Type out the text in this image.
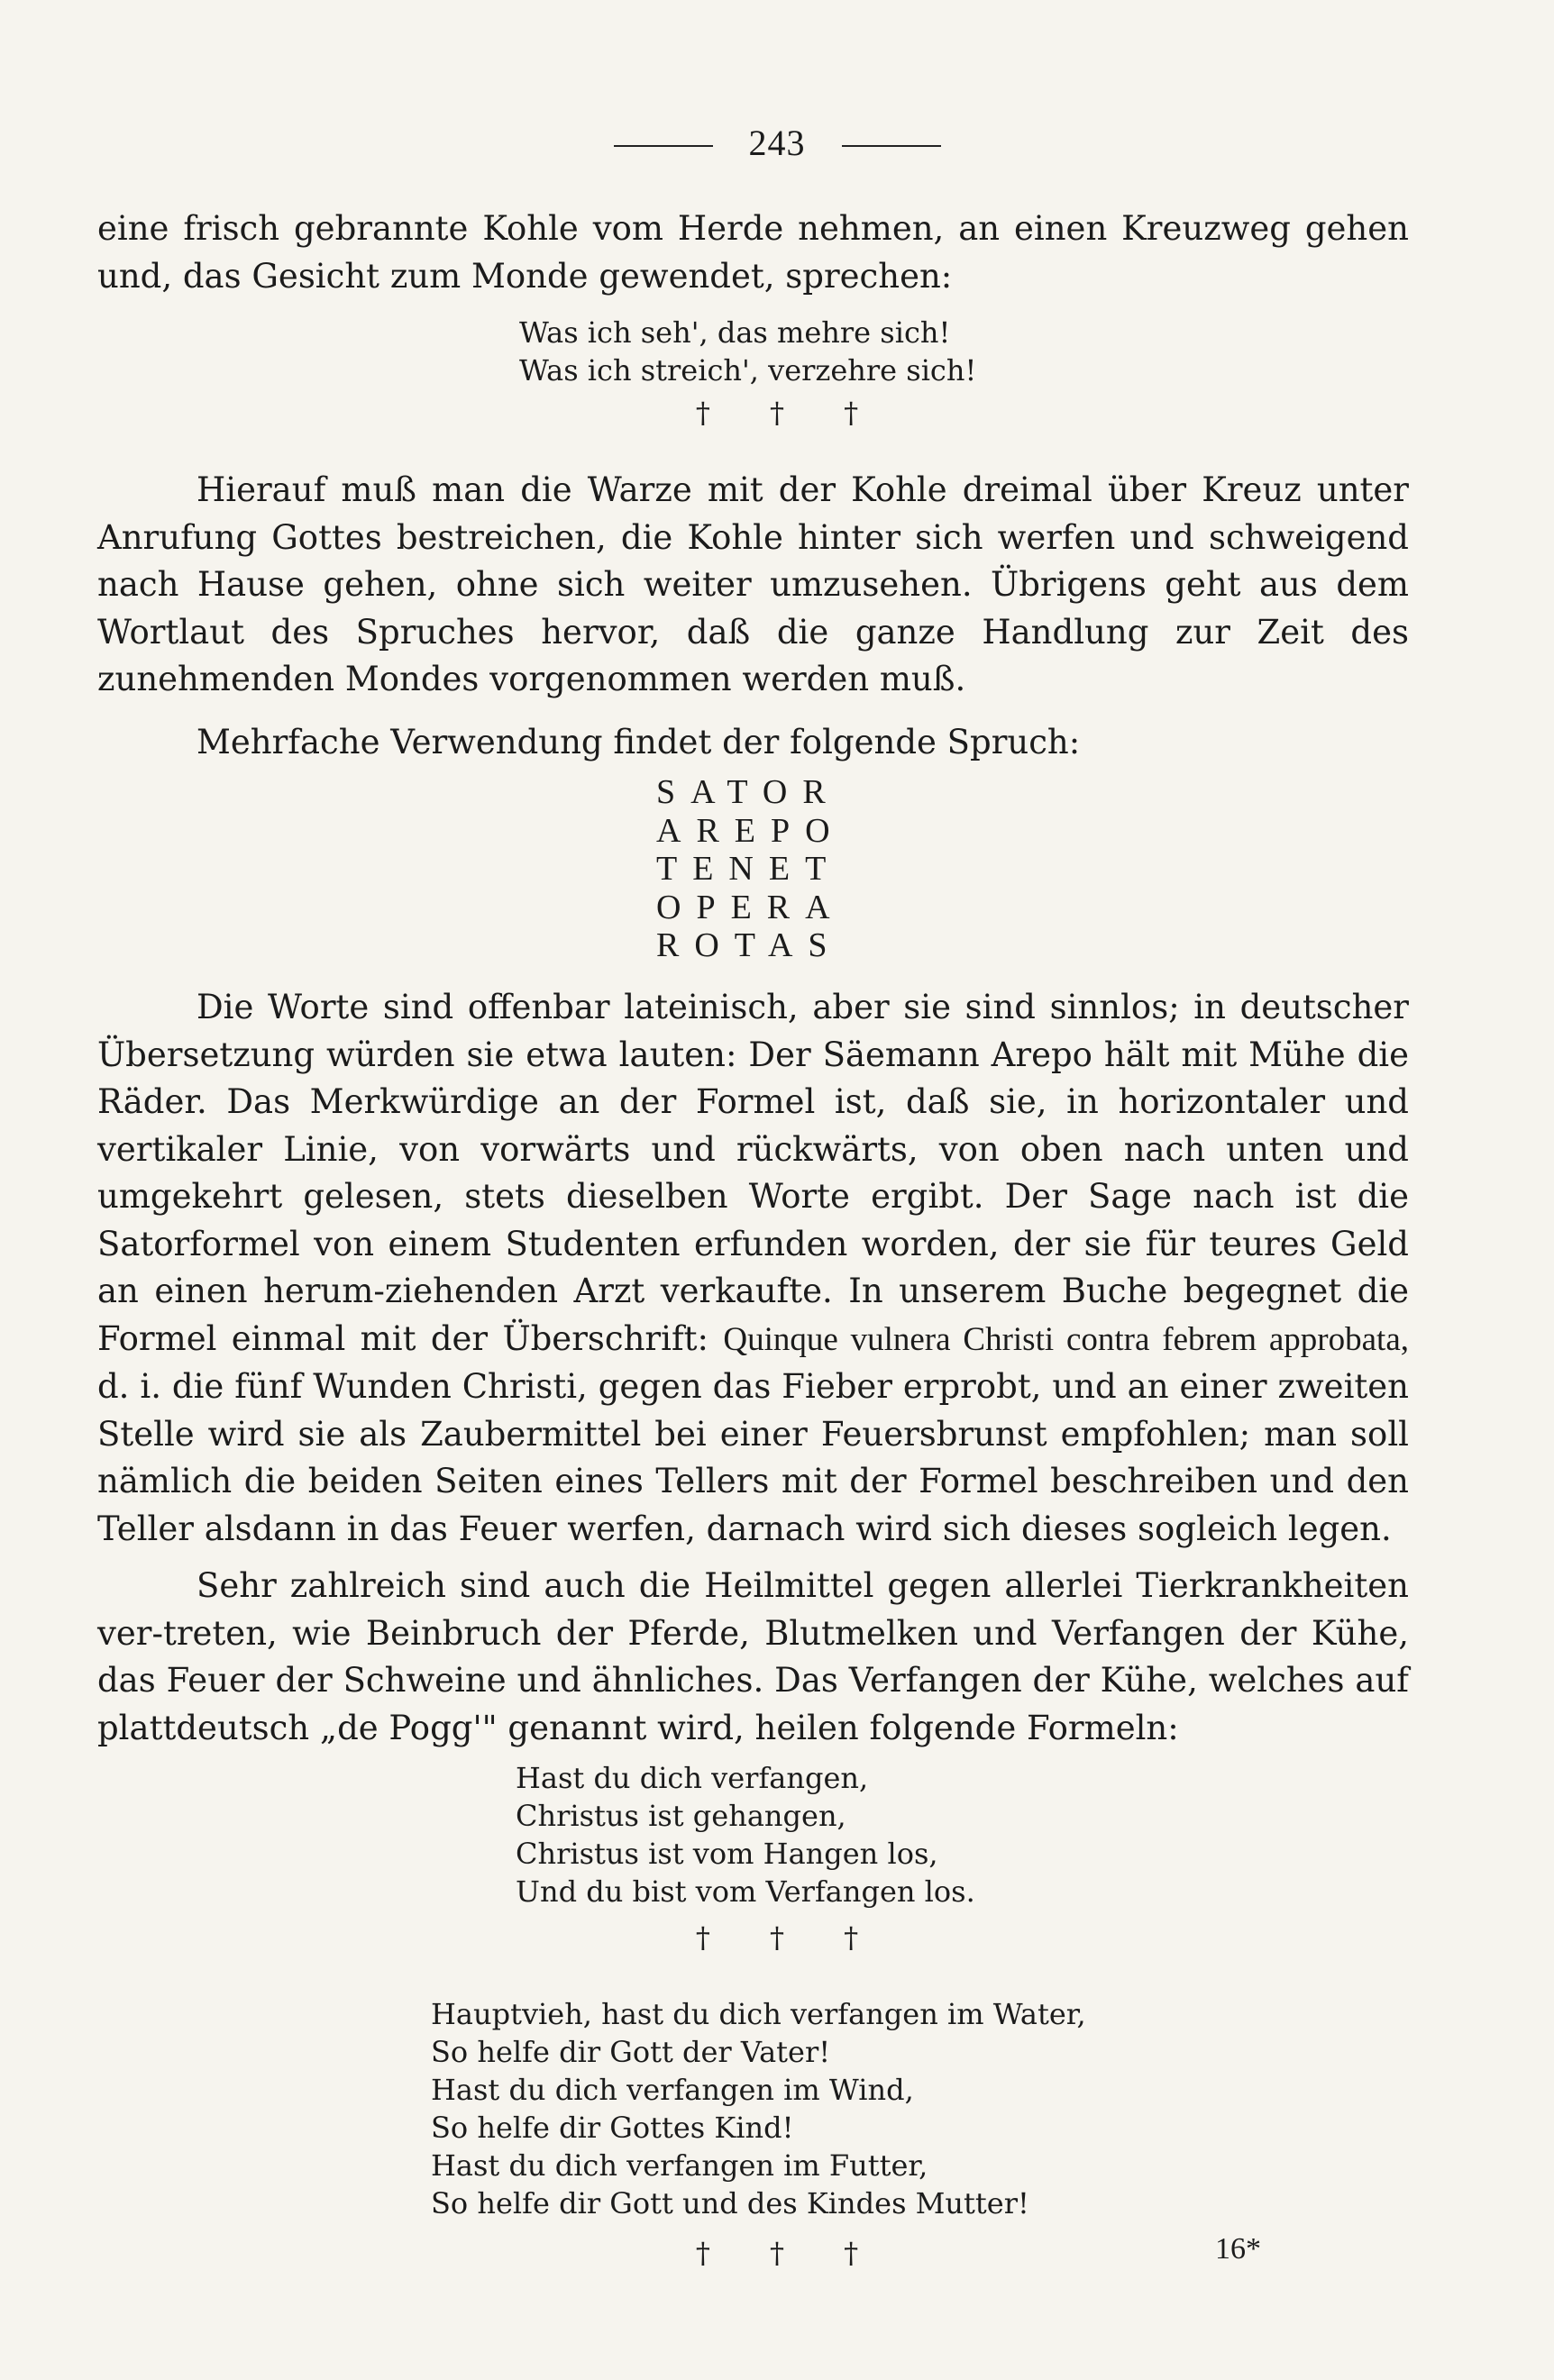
243

eine frisch gebrannte Kohle vom Herde nehmen, an einen Kreuzweg gehen und, das Gesicht zum Monde gewendet, sprechen:

Was ich seh', das mehre sich!
Was ich streich', verzehre sich!
† † †

Hierauf muß man die Warze mit der Kohle dreimal über Kreuz unter Anrufung Gottes bestreichen, die Kohle hinter sich werfen und schweigend nach Hause gehen, ohne sich weiter umzusehen. Übrigens geht aus dem Wortlaut des Spruches hervor, daß die ganze Handlung zur Zeit des zunehmenden Mondes vorgenommen werden muß.

Mehrfache Verwendung findet der folgende Spruch:

SATOR
AREPO
TENET
OPERA
ROTAS

Die Worte sind offenbar lateinisch, aber sie sind sinnlos; in deutscher Übersetzung würden sie etwa lauten: Der Säemann Arepo hält mit Mühe die Räder. Das Merkwürdige an der Formel ist, daß sie, in horizontaler und vertikaler Linie, von vorwärts und rückwärts, von oben nach unten und umgekehrt gelesen, stets dieselben Worte ergibt. Der Sage nach ist die Satorformel von einem Studenten erfunden worden, der sie für teures Geld an einen herum-ziehenden Arzt verkaufte. In unserem Buche begegnet die Formel einmal mit der Überschrift: Quinque vulnera Christi contra febrem approbata, d. i. die fünf Wunden Christi, gegen das Fieber erprobt, und an einer zweiten Stelle wird sie als Zaubermittel bei einer Feuersbrunst empfohlen; man soll nämlich die beiden Seiten eines Tellers mit der Formel beschreiben und den Teller alsdann in das Feuer werfen, darnach wird sich dieses sogleich legen.

Sehr zahlreich sind auch die Heilmittel gegen allerlei Tierkrankheiten ver-treten, wie Beinbruch der Pferde, Blutmelken und Verfangen der Kühe, das Feuer der Schweine und ähnliches. Das Verfangen der Kühe, welches auf plattdeutsch „de Pogg'" genannt wird, heilen folgende Formeln:

Hast du dich verfangen,
Christus ist gehangen,
Christus ist vom Hangen los,
Und du bist vom Verfangen los.
† † †
Hauptvieh, hast du dich verfangen im Water,
So helfe dir Gott der Vater!
Hast du dich verfangen im Wind,
So helfe dir Gottes Kind!
Hast du dich verfangen im Futter,
So helfe dir Gott und des Kindes Mutter!
† † †	16*
